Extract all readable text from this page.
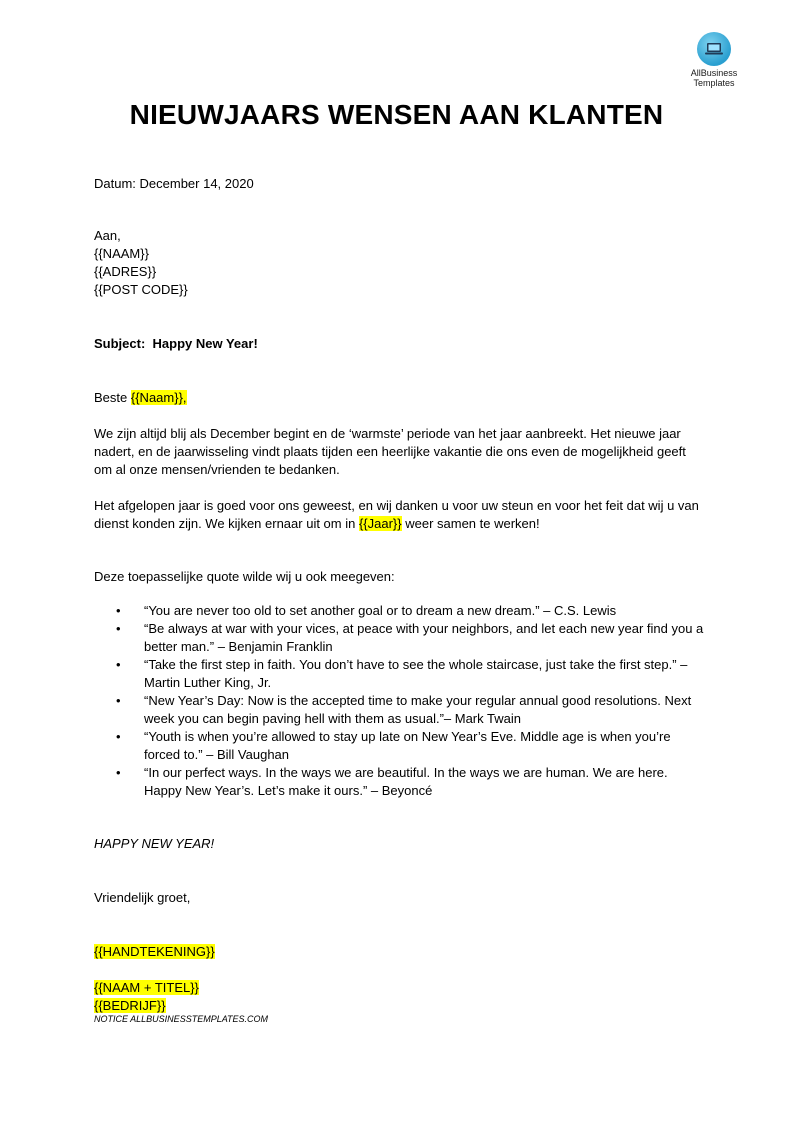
AllBusiness
Templates
NIEUWJAARS WENSEN AAN KLANTEN
Datum: December 14, 2020
Aan,
{{NAAM}}
{{ADRES}}
{{POST CODE}}
Subject: Happy New Year!
Beste {{Naam}},
We zijn altijd blij als December begint en de ‘warmste’ periode van het jaar aanbreekt. Het nieuwe jaar nadert, en de jaarwisseling vindt plaats tijden een heerlijke vakantie die ons even de mogelijkheid geeft om al onze mensen/vrienden te bedanken.
Het afgelopen jaar is goed voor ons geweest, en wij danken u voor uw steun en voor het feit dat wij u van dienst konden zijn. We kijken ernaar uit om in {{Jaar}} weer samen te werken!
Deze toepasselijke quote wilde wij u ook meegeven:
• “You are never too old to set another goal or to dream a new dream.” – C.S. Lewis
• “Be always at war with your vices, at peace with your neighbors, and let each new year find you a better man.” – Benjamin Franklin
• “Take the first step in faith. You don’t have to see the whole staircase, just take the first step.” – Martin Luther King, Jr.
• “New Year’s Day: Now is the accepted time to make your regular annual good resolutions. Next week you can begin paving hell with them as usual.”– Mark Twain
• “Youth is when you’re allowed to stay up late on New Year’s Eve. Middle age is when you’re forced to.” – Bill Vaughan
• “In our perfect ways. In the ways we are beautiful. In the ways we are human. We are here. Happy New Year’s. Let’s make it ours.” – Beyoncé
HAPPY NEW YEAR!
Vriendelijk groet,
{{HANDTEKENING}}
{{NAAM + TITEL}}
{{BEDRIJF}}
NOTICE ALLBUSINESSTEMPLATES.COM
